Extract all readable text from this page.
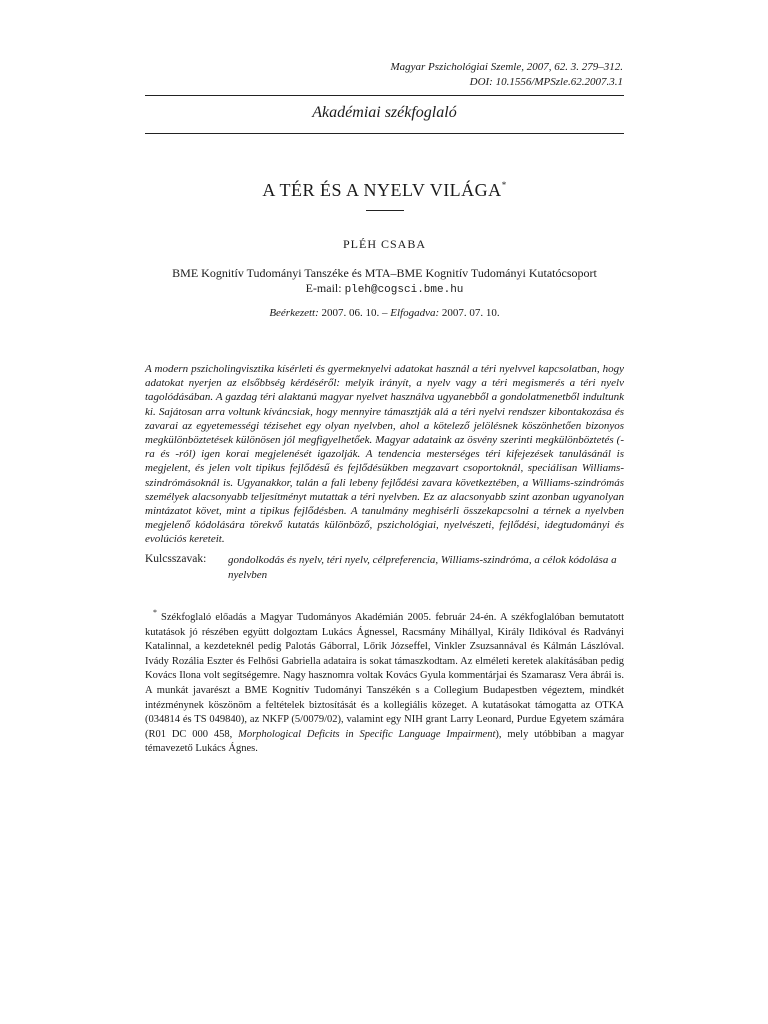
Magyar Pszichológiai Szemle, 2007, 62. 3. 279–312.
DOI: 10.1556/MPSzle.62.2007.3.1
Akadémiai székfoglaló
A TÉR ÉS A NYELV VILÁGA*
PLÉH CSABA
BME Kognitív Tudományi Tanszéke és MTA–BME Kognitív Tudományi Kutatócsoport
E-mail: pleh@cogsci.bme.hu
Beérkezett: 2007. 06. 10. – Elfogadva: 2007. 07. 10.

A modern pszicholingvisztika kísérleti és gyermeknyelvi adatokat használ a téri nyelvvel kapcsolatban, hogy adatokat nyerjen az elsőbbség kérdéséről: melyik irányít, a nyelv vagy a téri megismerés a téri nyelv tagolódásában. A gazdag téri alaktanú magyar nyelvet használva ugyanebből a gondolatmenetből indultunk ki. Sajátosan arra voltunk kíváncsiak, hogy mennyire támasztják alá a téri nyelvi rendszer kibontakozása és zavarai az egyetemességi tézisehet egy olyan nyelvben, ahol a kötelező jelölésnek köszönhetően bizonyos megkülönböztetések különösen jól megfigyelhetőek. Magyar adataink az ösvény szerinti megkülönböztetés (-ra és -ról) igen korai megjelenését igazolják. A tendencia mesterséges téri kifejezések tanulásánál is megjelent, és jelen volt tipikus fejlődésű és fejlődésükben megzavart csoportoknál, speciálisan Williams-szindrómásoknál is. Ugyanakkor, talán a fali lebeny fejlődési zavara következtében, a Williams-szindrómás személyek alacsonyabb teljesítményt mutattak a téri nyelvben. Ez az alacsonyabb szint azonban ugyanolyan mintázatot követ, mint a tipikus fejlődésben. A tanulmány meghisérli összekapcsolni a térnek a nyelvben megjelenő kódolására törekvő kutatás különböző, pszichológiai, nyelvészeti, fejlődési, idegtudományi és evolúciós kereteit.

Kulcsszavak: gondolkodás és nyelv, téri nyelv, célpreferencia, Williams-szindróma, a célok kódolása a nyelvben

* Székfoglaló előadás a Magyar Tudományos Akadémián 2005. február 24-én. A székfoglalóban bemutatott kutatások jó részében együtt dolgoztam Lukács Ágnessel, Racsmány Mihállyal, Király Ildikóval és Radványi Katalinnal, a kezdeteknél pedig Palotás Gáborral, Lőrik Józseffel, Vinkler Zsuzsannával és Kálmán Lászlóval. Ivády Rozália Eszter és Felhősi Gabriella adataira is sokat támaszkodtam. Az elméleti keretek alakításában pedig Kovács Ilona volt segítségemre. Nagy hasznomra voltak Kovács Gyula kommentárjai és Szamarasz Vera ábrái is. A munkát javarészt a BME Kognitív Tudományi Tanszékén s a Collegium Budapestben végeztem, mindkét intézménynek köszönöm a feltételek biztosítását és a kollegiális közeget. A kutatásokat támogatta az OTKA (034814 és TS 049840), az NKFP (5/0079/02), valamint egy NIH grant Larry Leonard, Purdue Egyetem számára (R01 DC 000 458, Morphological Deficits in Specific Language Impairment), mely utóbbiban a magyar témavezető Lukács Ágnes.
